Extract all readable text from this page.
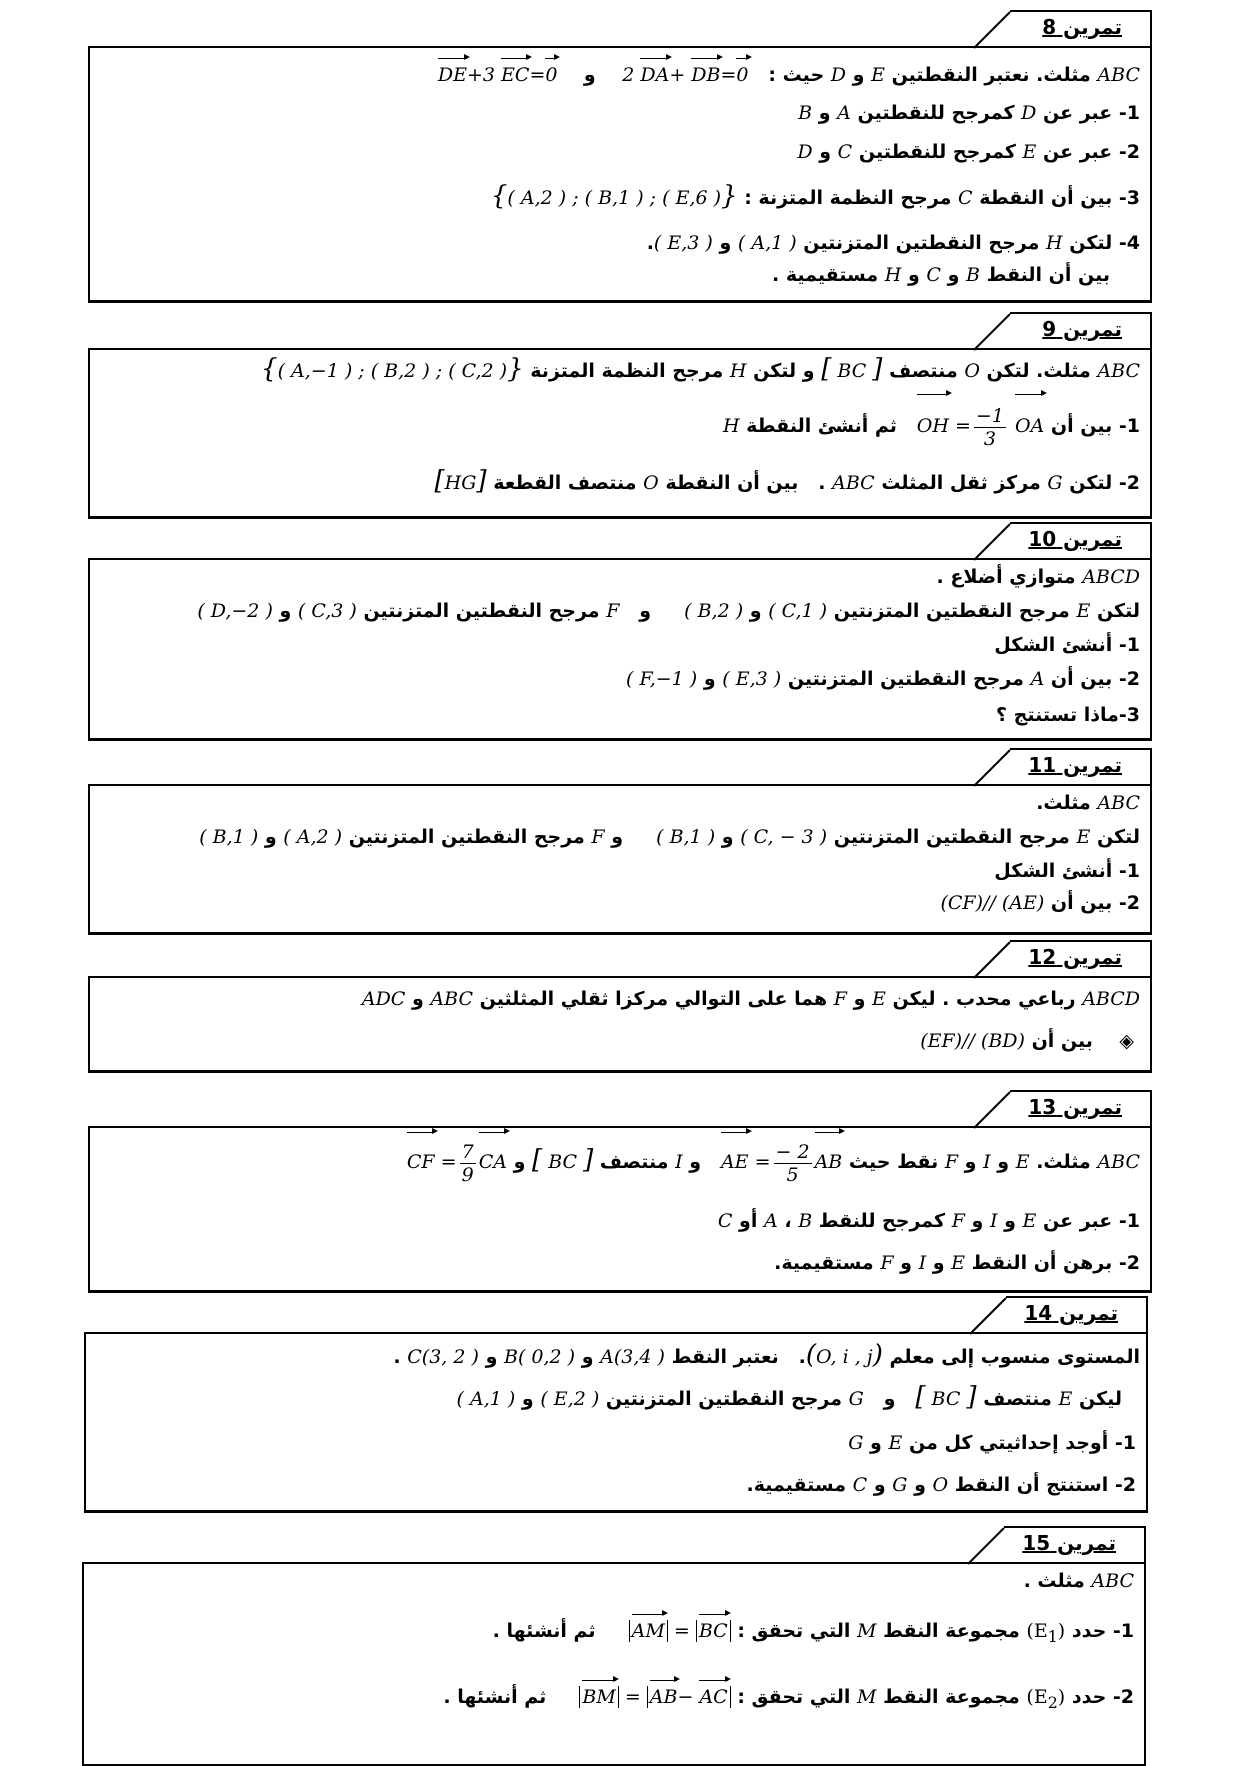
تمرين 8
ABC مثلث. نعتبر النقطتين E و D حيث :   2 DA+ DB=0    و    DE+3 EC=0
1- عبر عن D كمرجح للنقطتين A و B
2- عبر عن E كمرجح للنقطتين C و D
3- بين أن النقطة C مرجح النظمة المتزنة : {( A,2 ) ; ( B,1 ) ; ( E,6 )}
4- لتكن H مرجح النقطتين المتزنتين ( A,1 ) و ( E,3 ).
بين أن النقط B و C و H مستقيمية .
تمرين 9
ABC مثلث. لتكن O منتصف [ BC ] و لتكن H مرجح النظمة المتزنة {( A,−1 ) ; ( B,2 ) ; ( C,2 )}
1- بين أن OH = $\frac{-1}{3}$ OA   ثم أنشئ النقطة H
2- لتكن G مركز ثقل المثلث ABC .   بين أن النقطة O منتصف القطعة [HG]
تمرين 10
ABCD متوازي أضلاع .
لتكن E مرجح النقطتين المتزنتين ( C,1 ) و ( B,2 )     و   F مرجح النقطتين المتزنتين ( C,3 ) و ( D,−2 )
1- أنشئ الشكل
2- بين أن A مرجح النقطتين المتزنتين ( E,3 ) و ( F,−1 )
3-ماذا تستنتج ؟
تمرين 11
ABC مثلث.
لتكن E مرجح النقطتين المتزنتين ( C, − 3 ) و ( B,1 )     و F مرجح النقطتين المتزنتين ( A,2 ) و ( B,1 )
1- أنشئ الشكل
2- بين أن (CF)// (AE)
تمرين 12
ABCD رباعي محدب . ليكن E و F هما على التوالي مركزا ثقلي المثلثين ABC و ADC
◈    بين أن (EF)// (BD)
تمرين 13
ABC مثلث. E و I و F نقط حيث AE = $\frac{- 2}{5}$ AB   و I منتصف [ BC ] و CF = $\frac{7}{9}$ CA
1- عبر عن E و I و F كمرجح للنقط A ، B أو C
2- برهن أن النقط E و I و F مستقيمية.
تمرين 14
المستوى منسوب إلى معلم (O, i , j).   نعتبر النقط A(3,4 ) و B( 0,2 ) و C(3, 2 ) .
ليكن E منتصف [ BC ]   و   G مرجح النقطتين المتزنتين ( E,2 ) و ( A,1 )
1- أوجد إحداثيتي كل من E و G
2- استنتج أن النقط O و G و C مستقيمية.
تمرين 15
ABC مثلث .
1- حدد $(E_1)$ مجموعة النقط M التي تحقق : AM = BC     ثم أنشئها .
2- حدد $(E_2)$ مجموعة النقط M التي تحقق : BM = AB− AC     ثم أنشئها .
